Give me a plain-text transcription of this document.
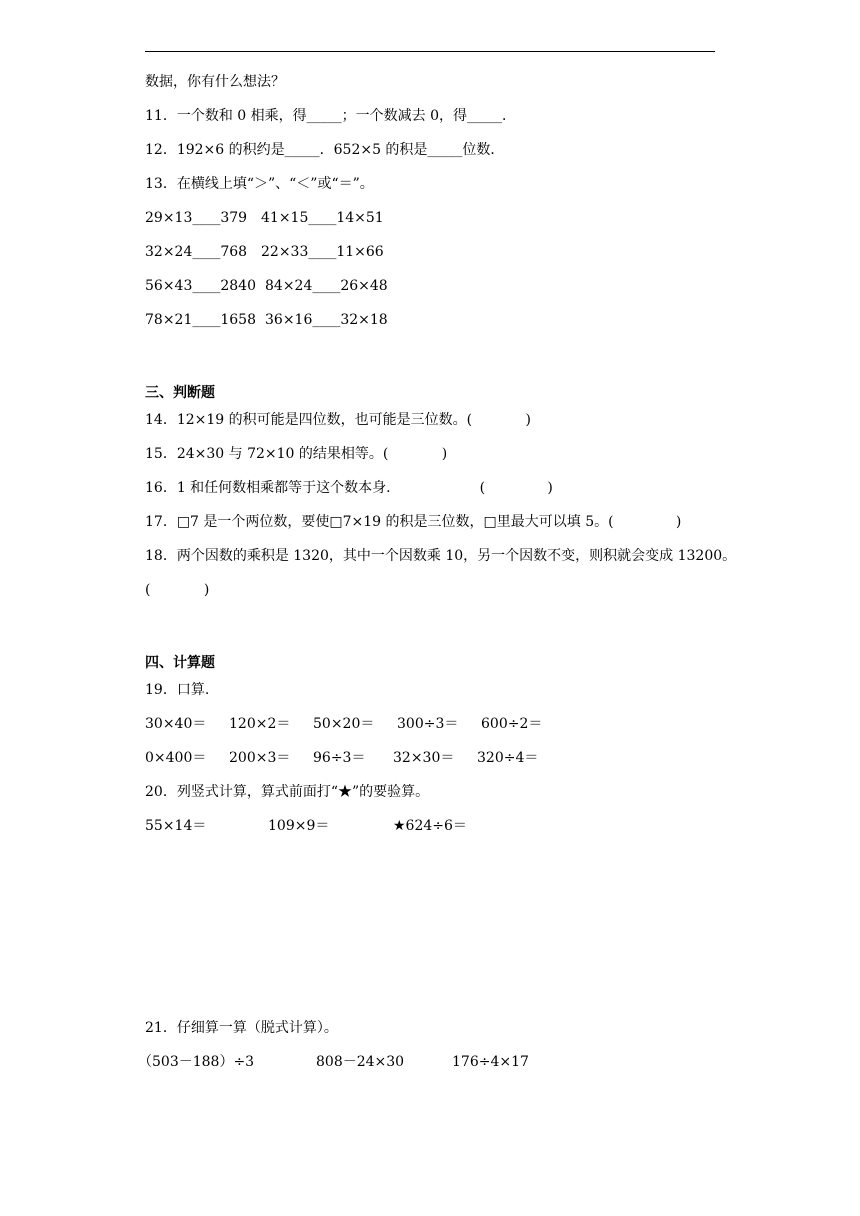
数据，你有什么想法？
11．一个数和 0 相乘，得_____；一个数减去 0，得_____．
12．192×6 的积约是_____．652×5 的积是_____位数．
13．在横线上填“＞”、“＜”或“＝”。
29×13____379 41×15____14×51
32×24____768 22×33____11×66
56×43____2840 84×24____26×48
78×21____1658 36×16____32×18
三、判断题
14．12×19 的积可能是四位数，也可能是三位数。(            )
15．24×30 与 72×10 的结果相等。(            )
16．1 和任何数相乘都等于这个数本身.                    (              )
17．□7 是一个两位数，要使□7×19 的积是三位数，□里最大可以填 5。(              )
18．两个因数的乘积是 1320，其中一个因数乘 10，另一个因数不变，则积就会变成 13200。
(            )
四、计算题
19．口算.
30×40＝ 120×2＝ 50×20＝ 300÷3＝ 600÷2＝
0×400＝ 200×3＝ 96÷3＝ 32×30＝ 320÷4＝
20．列竖式计算，算式前面打“★”的要验算。
55×14＝	109×9＝	★624÷6＝
21．仔细算一算（脱式计算）。
（503－188）÷3	808－24×30	176÷4×17
